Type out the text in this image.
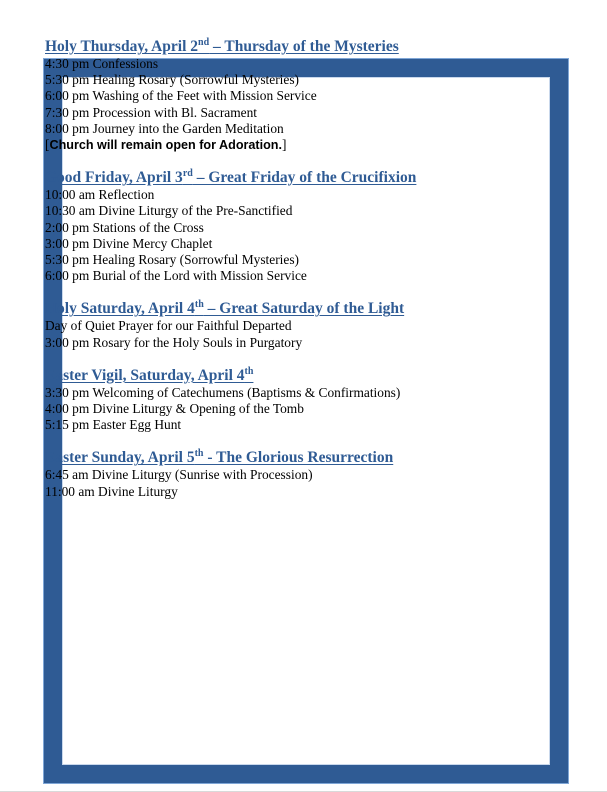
Holy Thursday, April 2nd – Thursday of the Mysteries
4:30 pm Confessions
5:30 pm Healing Rosary (Sorrowful Mysteries)
6:00 pm Washing of the Feet with Mission Service
7:30 pm Procession with Bl. Sacrament
8:00 pm Journey into the Garden Meditation
[Church will remain open for Adoration.]
Good Friday, April 3rd – Great Friday of the Crucifixion
10:00 am Reflection
10:30 am Divine Liturgy of the Pre-Sanctified
2:00 pm Stations of the Cross
3:00 pm Divine Mercy Chaplet
5:30 pm Healing Rosary (Sorrowful Mysteries)
6:00 pm Burial of the Lord with Mission Service
Holy Saturday, April 4th – Great Saturday of the Light
Day of Quiet Prayer for our Faithful Departed
3:00 pm Rosary for the Holy Souls in Purgatory
Easter Vigil, Saturday, April 4th
3:30 pm Welcoming of Catechumens (Baptisms & Confirmations)
4:00 pm Divine Liturgy & Opening of the Tomb
5:15 pm Easter Egg Hunt
Easter Sunday, April 5th - The Glorious Resurrection
6:45 am Divine Liturgy (Sunrise with Procession)
11:00 am Divine Liturgy
